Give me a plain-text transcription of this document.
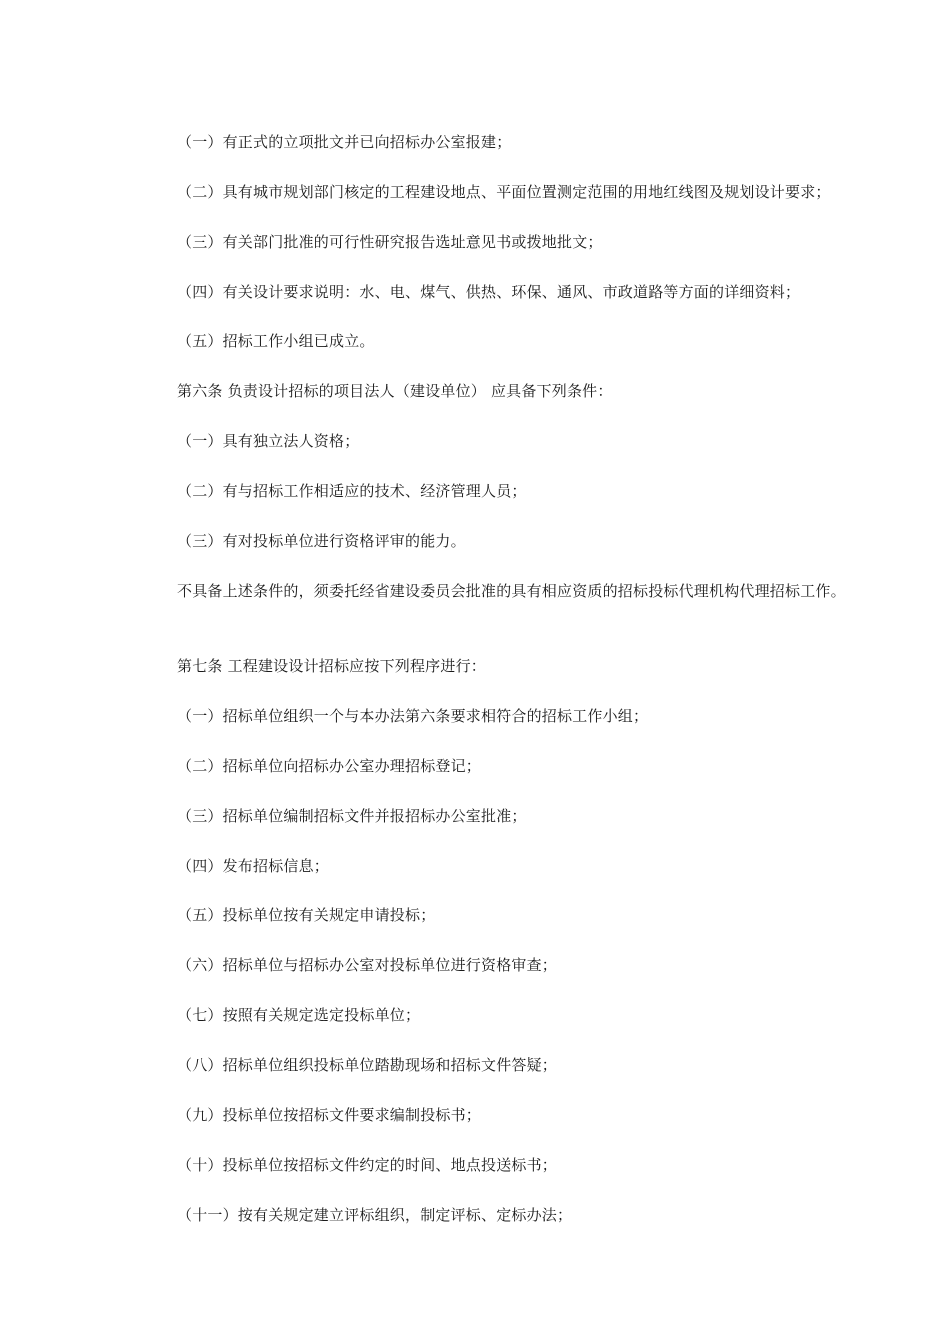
（一）有正式的立项批文并已向招标办公室报建；

（二）具有城市规划部门核定的工程建设地点、平面位置测定范围的用地红线图及规划设计要求；

（三）有关部门批准的可行性研究报告选址意见书或拨地批文；

（四）有关设计要求说明：水、电、煤气、供热、环保、通风、市政道路等方面的详细资料；

（五）招标工作小组已成立。

第六条 负责设计招标的项目法人（建设单位） 应具备下列条件：

（一）具有独立法人资格；

（二）有与招标工作相适应的技术、经济管理人员；

（三）有对投标单位进行资格评审的能力。

不具备上述条件的，须委托经省建设委员会批准的具有相应资质的招标投标代理机构代理招标工作。

第七条 工程建设设计招标应按下列程序进行：

（一）招标单位组织一个与本办法第六条要求相符合的招标工作小组；

（二）招标单位向招标办公室办理招标登记；

（三）招标单位编制招标文件并报招标办公室批准；

（四）发布招标信息；

（五）投标单位按有关规定申请投标；

（六）招标单位与招标办公室对投标单位进行资格审查；

（七）按照有关规定选定投标单位；

（八）招标单位组织投标单位踏勘现场和招标文件答疑；

（九）投标单位按招标文件要求编制投标书；

（十）投标单位按招标文件约定的时间、地点投送标书；

（十一）按有关规定建立评标组织，制定评标、定标办法；
